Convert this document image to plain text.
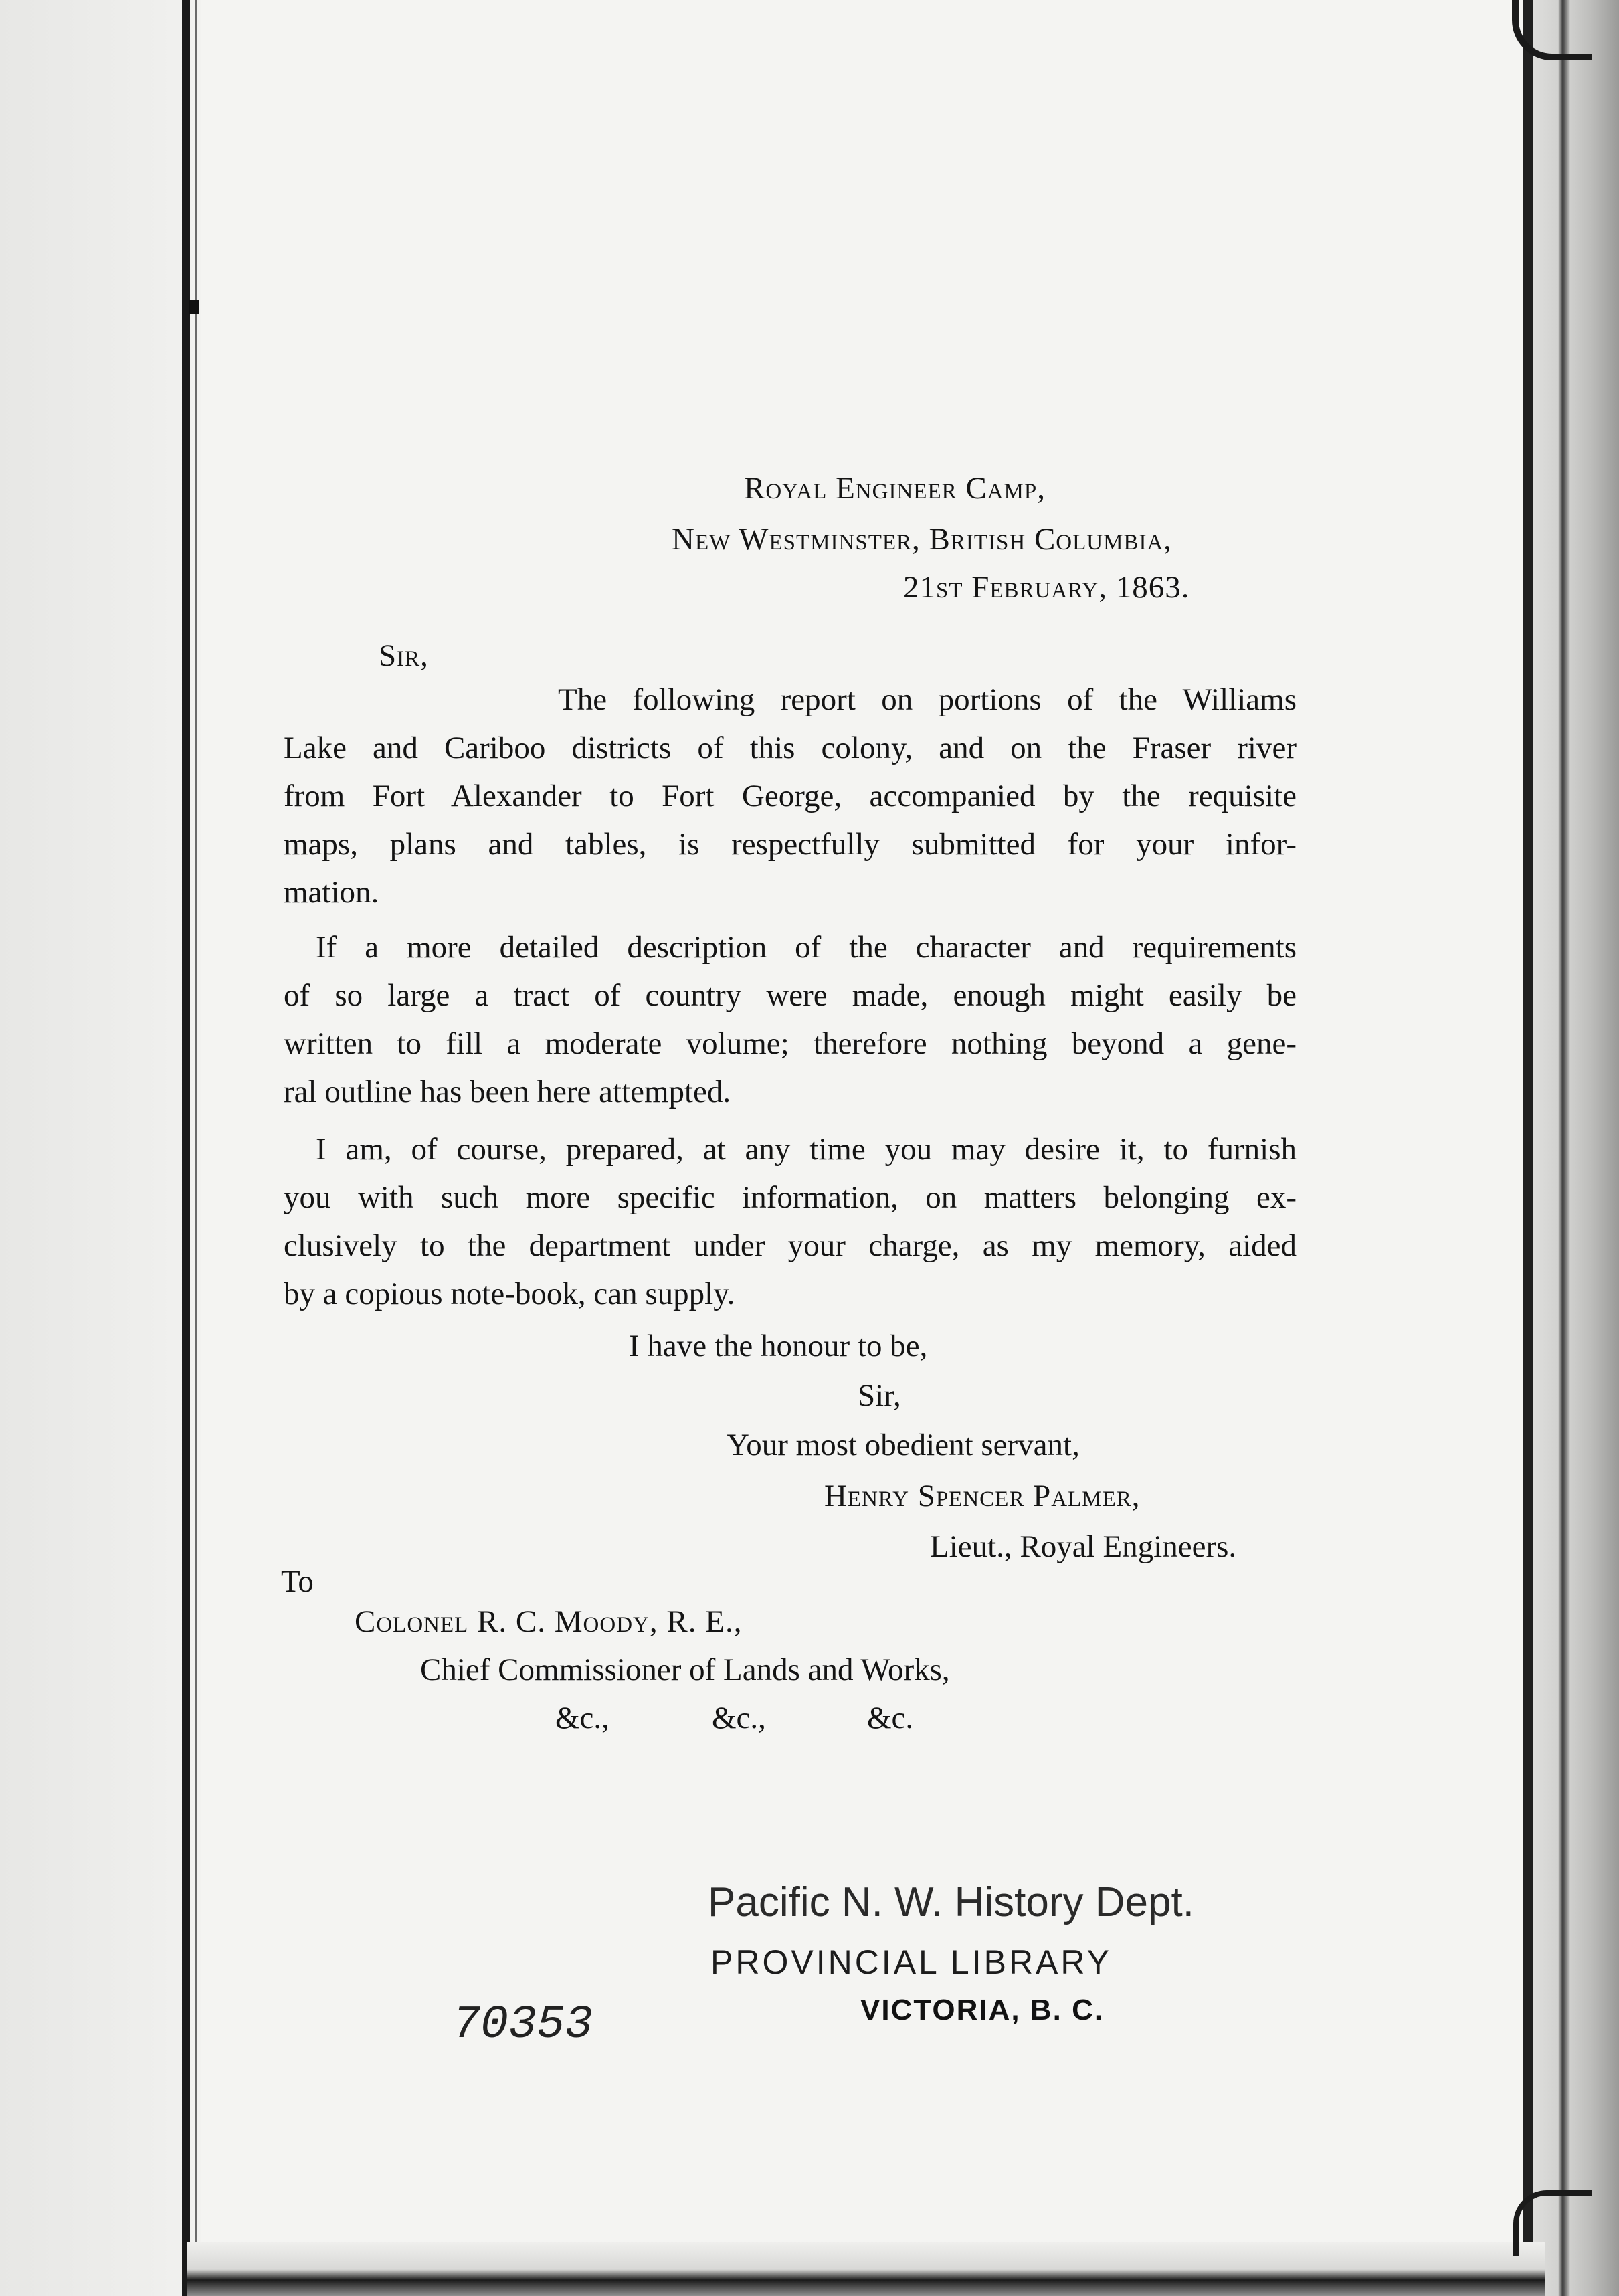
Royal Engineer Camp,
New Westminster, British Columbia,
21st February, 1863.
Sir,
The following report on portions of the Williams
Lake and Cariboo districts of this colony, and on the Fraser river
from Fort Alexander to Fort George, accompanied by the requisite
maps, plans and tables, is respectfully submitted for your infor-
mation.
If a more detailed description of the character and requirements
of so large a tract of country were made, enough might easily be
written to fill a moderate volume; therefore nothing beyond a gene-
ral outline has been here attempted.
I am, of course, prepared, at any time you may desire it, to furnish
you with such more specific information, on matters belonging ex-
clusively to the department under your charge, as my memory, aided
by a copious note-book, can supply.
I have the honour to be,
Sir,
Your most obedient servant,
Henry Spencer Palmer,
Lieut., Royal Engineers.
To
Colonel R. C. Moody, R. E.,
Chief Commissioner of Lands and Works,
&c.,	&c.,	&c.
Pacific N. W. History Dept.
PROVINCIAL LIBRARY
VICTORIA, B. C.
70353
